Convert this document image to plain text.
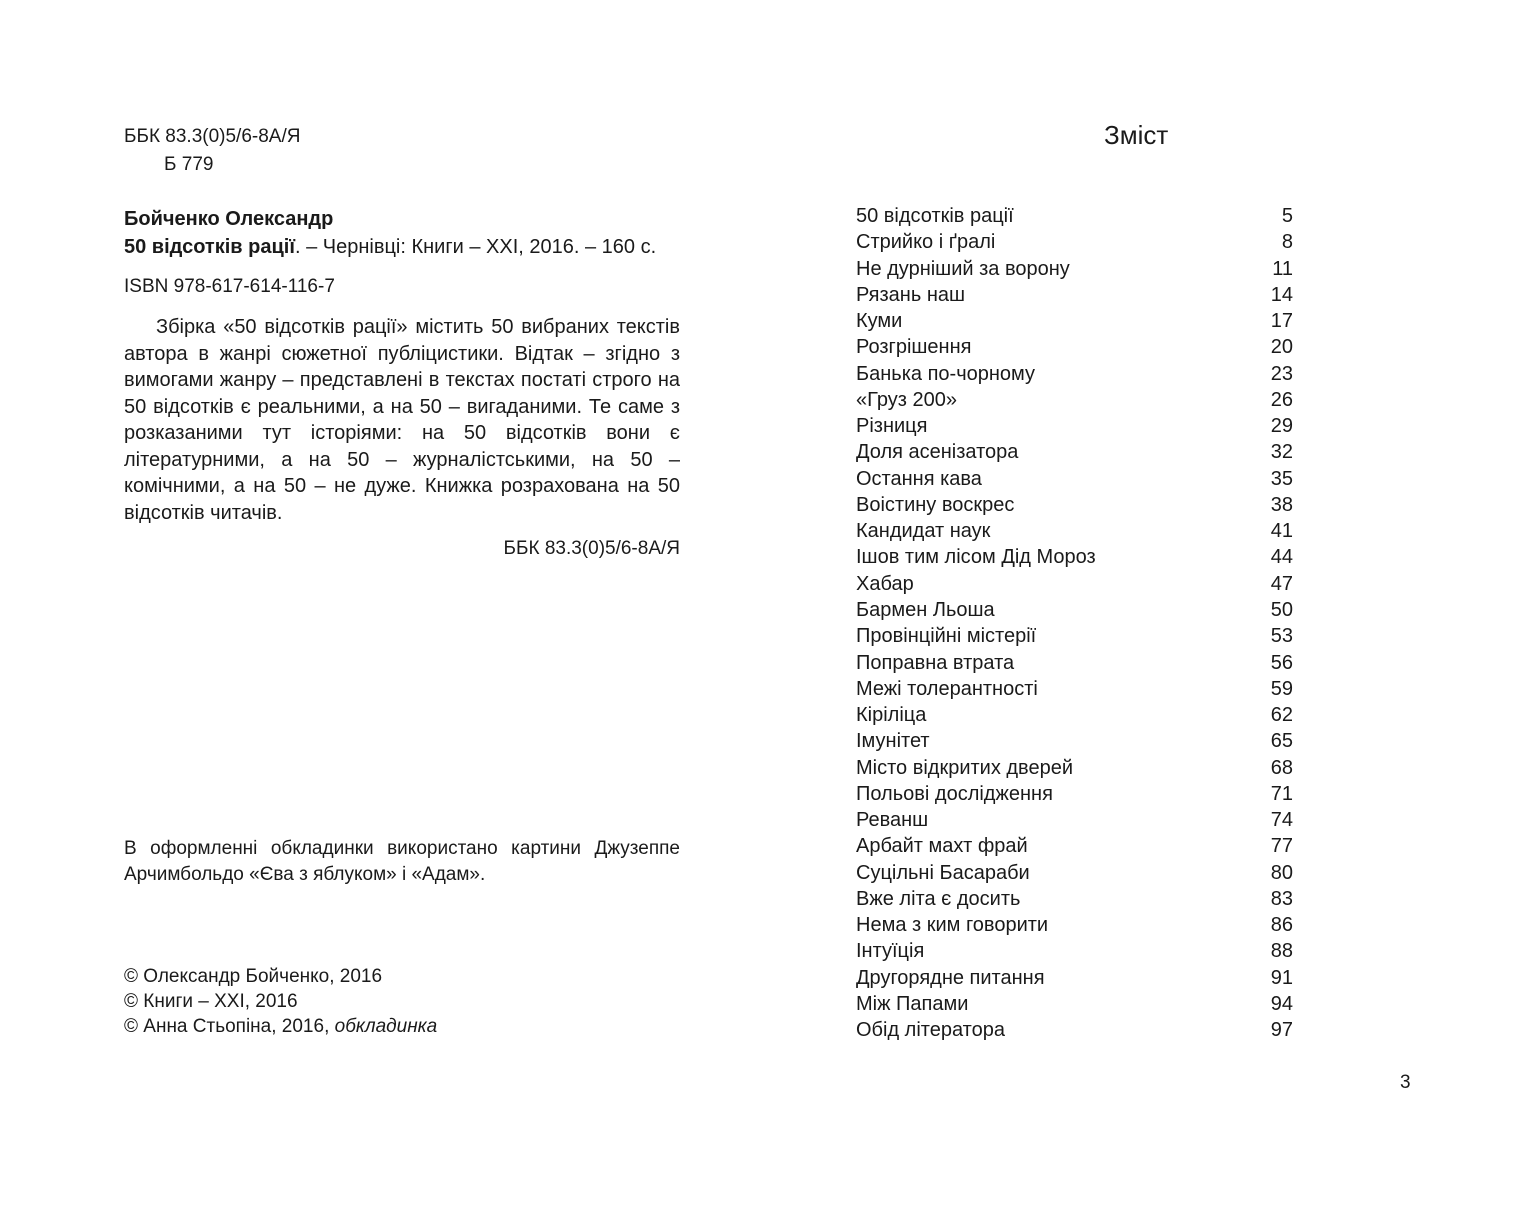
ББК 83.3(0)5/6-8А/Я
Б 779
Бойченко Олександр
50 відсотків рації. – Чернівці: Книги – ХХІ, 2016. – 160 с.
ISBN 978-617-614-116-7

Збірка «50 відсотків рації» містить 50 вибраних текстів автора в жанрі сюжетної публіцистики. Відтак – згідно з вимогами жанру – представлені в текстах постаті строго на 50 відсотків є реальними, а на 50 – вигаданими. Те саме з розказаними тут історіями: на 50 відсотків вони є літературними, а на 50 – журналістськими, на 50 – комічними, а на 50 – не дуже. Книжка розрахована на 50 відсотків читачів.

ББК 83.3(0)5/6-8А/Я

В оформленні обкладинки використано картини Джузеппе Арчимбольдо «Єва з яблуком» і «Адам».

© Олександр Бойченко, 2016
© Книги – ХХІ, 2016
© Анна Стьопіна, 2016, обкладинка
Зміст
50 відсотків рації	5
Стрийко і ґралі	8
Не дурніший за ворону	11
Рязань наш	14
Куми	17
Розгрішення	20
Банька по-чорному	23
«Груз 200»	26
Різниця	29
Доля асенізатора	32
Остання кава	35
Воістину воскрес	38
Кандидат наук	41
Ішов тим лісом Дід Мороз	44
Хабар	47
Бармен Льоша	50
Провінційні містерії	53
Поправна втрата	56
Межі толерантності	59
Кіріліца	62
Імунітет	65
Місто відкритих дверей	68
Польові дослідження	71
Реванш	74
Арбайт махт фрай	77
Суцільні Басараби	80
Вже літа є досить	83
Нема з ким говорити	86
Інтуїція	88
Другорядне питання	91
Між Папами	94
Обід літератора	97
3
